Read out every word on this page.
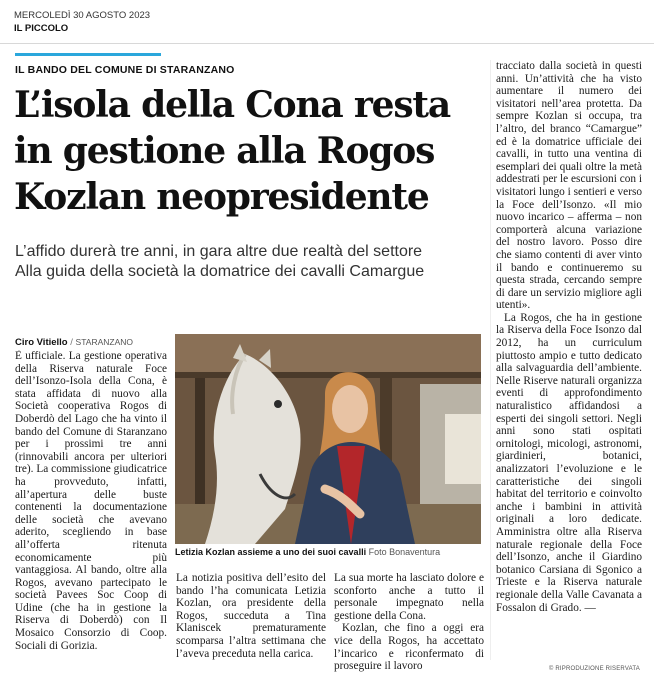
MERCOLEDÌ 30 AGOSTO 2023
IL PICCOLO
IL BANDO DEL COMUNE DI STARANZANO
L’isola della Cona resta
in gestione alla Rogos
Kozlan neopresidente
L’affido durerà tre anni, in gara altre due realtà del settore
Alla guida della società la domatrice dei cavalli Camargue
Ciro Vitiello / STARANZANO

È ufficiale. La gestione operativa della Riserva naturale Foce dell’Isonzo-Isola della Cona, è stata affidata di nuovo alla Società cooperativa Rogos di Doberdò del Lago che ha vinto il bando del Comune di Staranzano per i prossimi tre anni (rinnovabili ancora per ulteriori tre). La commissione giudicatrice ha provveduto, infatti, all’apertura delle buste contenenti la documentazione delle società che avevano aderito, scegliendo in base all’offerta ritenuta economicamente più vantaggiosa. Al bando, oltre alla Rogos, avevano partecipato le società Pavees Soc Coop di Udine (che ha in gestione la Riserva di Doberdò) con Il Mosaico Consorzio di Coop. Sociali di Gorizia.

Letizia Kozlan assieme a uno dei suoi cavalli Foto Bonaventura

La notizia positiva dell’esito del bando l’ha comunicata Letizia Kozlan, ora presidente della Rogos, succeduta a Tina Klaniscek prematuramente scomparsa l’altra settimana che l’aveva preceduta nella carica.

La sua morte ha lasciato dolore e sconforto anche a tutto il personale impegnato nella gestione della Cona.

Kozlan, che fino a oggi era vice della Rogos, ha accettato l’incarico e riconfermato di proseguire il lavoro

tracciato dalla società in questi anni. Un’attività che ha visto aumentare il numero dei visitatori nell’area protetta. Da sempre Kozlan si occupa, tra l’altro, del branco “Camargue” ed è la domatrice ufficiale dei cavalli, in tutto una ventina di esemplari dei quali oltre la metà addestrati per le escursioni con i visitatori lungo i sentieri e verso la Foce dell’Isonzo. «Il mio nuovo incarico – afferma – non comporterà alcuna variazione del nostro lavoro. Posso dire che siamo contenti di aver vinto il bando e continueremo su questa strada, cercando sempre di dare un servizio migliore agli utenti».

La Rogos, che ha in gestione la Riserva della Foce Isonzo dal 2012, ha un curriculum piuttosto ampio e tutto dedicato alla salvaguardia dell’ambiente. Nelle Riserve naturali organizza eventi di approfondimento naturalistico affidandosi a esperti dei singoli settori. Negli anni sono stati ospitati ornitologi, micologi, astronomi, giardinieri, botanici, analizzatori l’evoluzione e le caratteristiche dei singoli habitat del territorio e coinvolto anche i bambini in attività originali a loro dedicate. Amministra oltre alla Riserva naturale regionale della Foce dell’Isonzo, anche il Giardino botanico Carsiana di Sgonico a Trieste e la Riserva naturale regionale della Valle Cavanata a Fossalon di Grado. —

© RIPRODUZIONE RISERVATA
